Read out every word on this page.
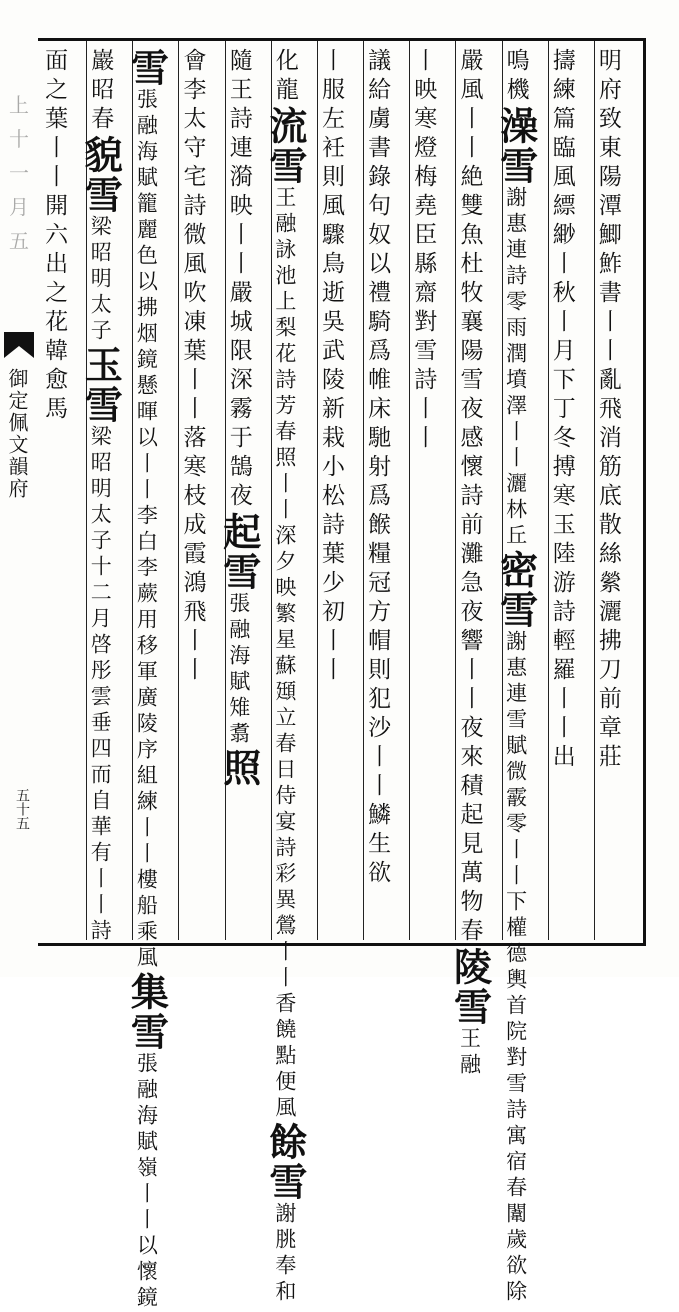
上十一月五
御定佩文韻府
五十五
明府致東陽潭鯽鮓書丨丨亂飛消筋底散絲縈灑拂刀前章莊
擣練篇臨風縹緲丨秋丨月下丁冬搏寒玉陸游詩輕羅丨丨出
鳴機澡雪謝惠連詩零雨潤墳澤丨丨灑林丘密雪謝惠連雪賦微霰零丨丨下權德輿首院對雪詩寓宿春闈歲欲除
嚴風丨丨絶雙魚杜牧襄陽雪夜感懷詩前灘急夜響丨丨夜來積起見萬物春陵雪王融
丨映寒燈梅堯臣縣齋對雪詩丨丨
議給虜書錄句奴以禮騎爲帷床馳射爲餱糧冠方帽則犯沙丨丨鱗生欲
丨服左衽則風驟鳥逝吳武陵新栽小松詩葉少初丨丨
化龍流雪王融詠池上梨花詩芳春照丨丨深夕映繁星蘇頲立春日侍宴詩彩異鶯丨丨香饒點便風餘雪謝朓奉和
隨王詩連漪映丨丨嚴城限深霧于鵠夜起雪張融海賦雉翥照
會李太守宅詩微風吹凍葉丨丨落寒枝成霞鴻飛丨丨
雪張融海賦籠麗色以拂烟鏡懸暉以丨丨李白李蕨用移軍廣陵序組練丨丨樓船乘風集雪張融海賦嶺丨丨以懷鏡
巖昭春貌雪梁昭明太子玉雪梁昭明太子十二月啓彤雲垂四而自華有丨丨詩
面之葉丨丨開六出之花韓愈馬
